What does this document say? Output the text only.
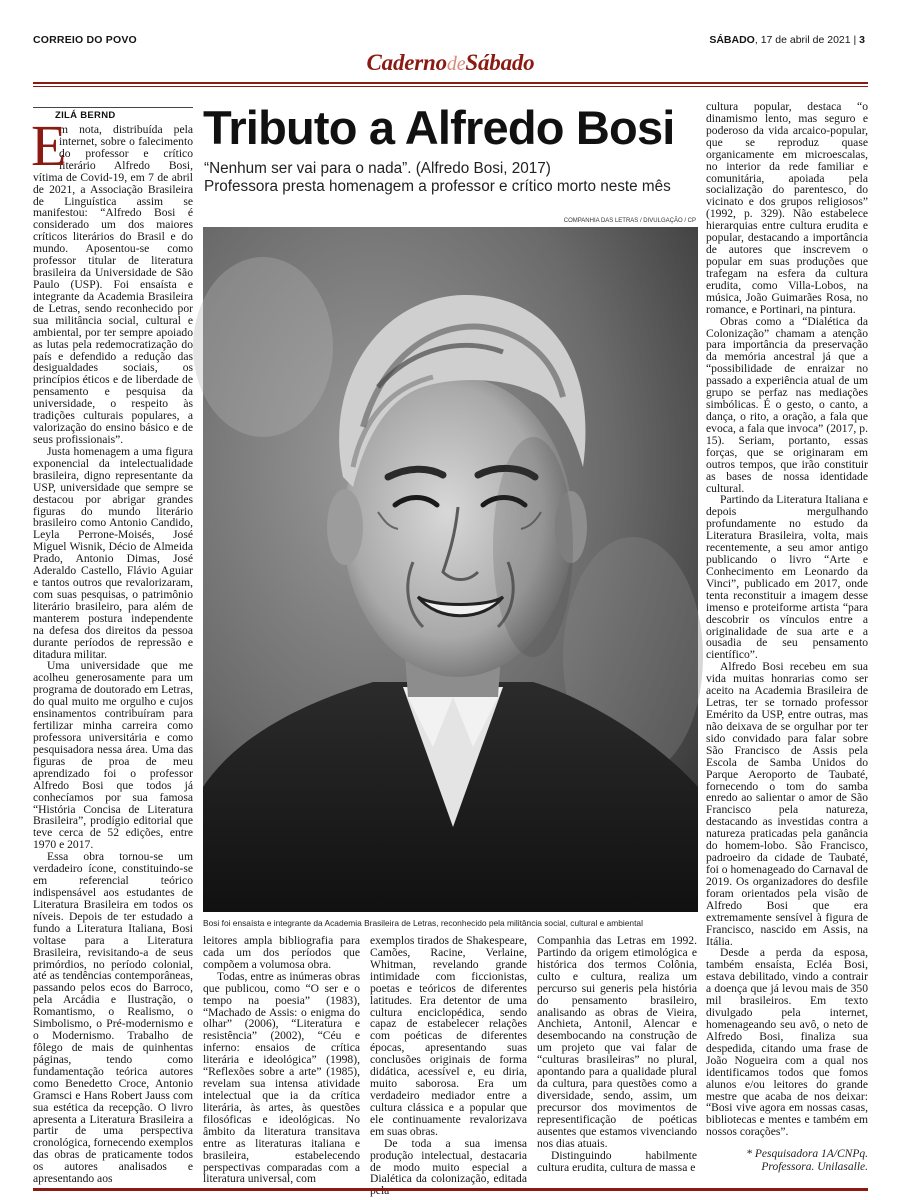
CORREIO DO POVO	SÁBADO, 17 de abril de 2021 | 3
CadernodeSábado
Tributo a Alfredo Bosi
“Nenhum ser vai para o nada”. (Alfredo Bosi, 2017)
Professora presta homenagem a professor e crítico morto neste mês
COMPANHIA DAS LETRAS / DIVULGAÇÃO / CP
Bosi foi ensaísta e integrante da Academia Brasileira de Letras, reconhecido pela militância social, cultural e ambiental
ZILÁ BERND

m nota, distribuída pela internet, sobre o falecimento do professor e crítico literário Alfredo Bosi, vítima de Covid-19, em 7 de abril de 2021, a Associação Brasileira de Linguística assim se manifestou: “Alfredo Bosi é considerado um dos maiores críticos literários do Brasil e do mundo. Aposentou-se como professor titular de literatura brasileira da Universidade de São Paulo (USP). Foi ensaísta e integrante da Academia Brasileira de Letras, sendo reconhecido por sua militância social, cultural e ambiental, por ter sempre apoiado as lutas pela redemocratização do país e defendido a redução das desigualdades sociais, os princípios éticos e de liberdade de pensamento e pesquisa da universidade, o respeito às tradições culturais populares, a valorização do ensino básico e de seus profissionais”.

Justa homenagem a uma figura exponencial da intelectualidade brasileira, digno representante da USP, universidade que sempre se destacou por abrigar grandes figuras do mundo literário brasileiro como Antonio Candido, Leyla Perrone-Moisés, José Miguel Wisnik, Décio de Almeida Prado, Antonio Dimas, José Aderaldo Castello, Flávio Aguiar e tantos outros que revalorizaram, com suas pesquisas, o patrimônio literário brasileiro, para além de manterem postura independente na defesa dos direitos da pessoa durante períodos de repressão e ditadura militar.

Uma universidade que me acolheu generosamente para um programa de doutorado em Letras, do qual muito me orgulho e cujos ensinamentos contribuíram para fertilizar minha carreira como professora universitária e como pesquisadora nessa área. Uma das figuras de proa de meu aprendizado foi o professor Alfredo Bosi que todos já conhecíamos por sua famosa “História Concisa de Literatura Brasileira”, prodígio editorial que teve cerca de 52 edições, entre 1970 e 2017.

Essa obra tornou-se um verdadeiro ícone, constituindo-se em referencial teórico indispensável aos estudantes de Literatura Brasileira em todos os níveis. Depois de ter estudado a fundo a Literatura Italiana, Bosi voltase para a Literatura Brasileira, revisitando-a de seus primórdios, no período colonial, até as tendências contemporâneas, passando pelos ecos do Barroco, pela Arcádia e Ilustração, o Romantismo, o Realismo, o Simbolismo, o Pré-modernismo e o Modernismo. Trabalho de fôlego de mais de quinhentas páginas, tendo como fundamentação teórica autores como Benedetto Croce, Antonio Gramsci e Hans Robert Jauss com sua estética da recepção. O livro apresenta a Literatura Brasileira a partir de uma perspectiva cronológica, fornecendo exemplos das obras de praticamente todos os autores analisados e apresentando aos

E

leitores ampla bibliografia para cada um dos períodos que compõem a volumosa obra.

Todas, entre as inúmeras obras que publicou, como “O ser e o tempo na poesia” (1983), “Machado de Assis: o enigma do olhar” (2006), “Literatura e resistência” (2002), “Céu e inferno: ensaios de crítica literária e ideológica” (1998), “Reflexões sobre a arte” (1985), revelam sua intensa atividade intelectual que ia da crítica literária, às artes, às questões filosóficas e ideológicas. No âmbito da literatura transitava entre as literaturas italiana e brasileira, estabelecendo perspectivas comparadas com a literatura universal, com

exemplos tirados de Shakespeare, Camões, Racine, Verlaine, Whitman, revelando grande intimidade com ficcionistas, poetas e teóricos de diferentes latitudes. Era detentor de uma cultura enciclopédica, sendo capaz de estabelecer relações com poéticas de diferentes épocas, apresentando suas conclusões originais de forma didática, acessível e, eu diria, muito saborosa. Era um verdadeiro mediador entre a cultura clássica e a popular que ele continuamente revalorizava em suas obras.

De toda a sua imensa produção intelectual, destacaria de modo muito especial a Dialética da colonização, editada

Companhia das Letras em 1992. Partindo da origem etimológica e histórica dos termos Colônia, culto e cultura, realiza um percurso sui generis pela história do pensamento brasileiro, analisando as obras de Vieira, Anchieta, Antonil, Alencar e desembocando na construção de um projeto que vai falar de “culturas brasileiras” no plural, apontando para a qualidade plural da cultura, para questões como a diversidade, sendo, assim, um precursor dos movimentos de representificação de poéticas ausentes que estamos vivenciando nos dias atuais.

Distinguindo habilmente cultura erudita, cultura de massa e

cultura popular, destaca “o dinamismo lento, mas seguro e poderoso da vida arcaico-popular, que se reproduz quase organicamente em microescalas, no interior da rede familiar e comunitária, apoiada pela socialização do parentesco, do vicinato e dos grupos religiosos” (1992, p. 329). Não estabelece hierarquias entre cultura erudita e popular, destacando a importância de autores que inscrevem o popular em suas produções que trafegam na esfera da cultura erudita, como Villa-Lobos, na música, João Guimarães Rosa, no romance, e Portinari, na pintura.

Obras como a “Dialética da Colonização” chamam a atenção para importância da preservação da memória ancestral já que a “possibilidade de enraizar no passado a experiência atual de um grupo se perfaz nas mediações simbólicas. É o gesto, o canto, a dança, o rito, a oração, a fala que evoca, a fala que invoca” (2017, p. 15). Seriam, portanto, essas forças, que se originaram em outros tempos, que irão constituir as bases de nossa identidade cultural.

Partindo da Literatura Italiana e depois mergulhando profundamente no estudo da Literatura Brasileira, volta, mais recentemente, a seu amor antigo publicando o livro “Arte e Conhecimento em Leonardo da Vinci”, publicado em 2017, onde tenta reconstituir a imagem desse imenso e proteiforme artista “para descobrir os vínculos entre a originalidade de sua arte e a ousadia de seu pensamento científico”.

Alfredo Bosi recebeu em sua vida muitas honrarias como ser aceito na Academia Brasileira de Letras, ter se tornado professor Emérito da USP, entre outras, mas não deixava de se orgulhar por ter sido convidado para falar sobre São Francisco de Assis pela Escola de Samba Unidos do Parque Aeroporto de Taubaté, fornecendo o tom do samba enredo ao salientar o amor de São Francisco pela natureza, destacando as investidas contra a natureza praticadas pela ganância do homem-lobo. São Francisco, padroeiro da cidade de Taubaté, foi o homenageado do Carnaval de 2019. Os organizadores do desfile foram orientados pela visão de Alfredo Bosi que era extremamente sensível à figura de Francisco, nascido em Assis, na Itália.

Desde a perda da esposa, também ensaísta, Ecléa Bosi, estava debilitado, vindo a contrair a doença que já levou mais de 350 mil brasileiros. Em texto divulgado pela internet, homenageando seu avô, o neto de Alfredo Bosi, finaliza sua despedida, citando uma frase de João Nogueira com a qual nos identificamos todos que fomos alunos e/ou leitores do grande mestre que acaba de nos deixar: “Bosi vive agora em nossas casas, bibliotecas e mentes e também em nossos corações”.

* Pesquisadora 1A/CNPq.
Professora. Unilasalle.
